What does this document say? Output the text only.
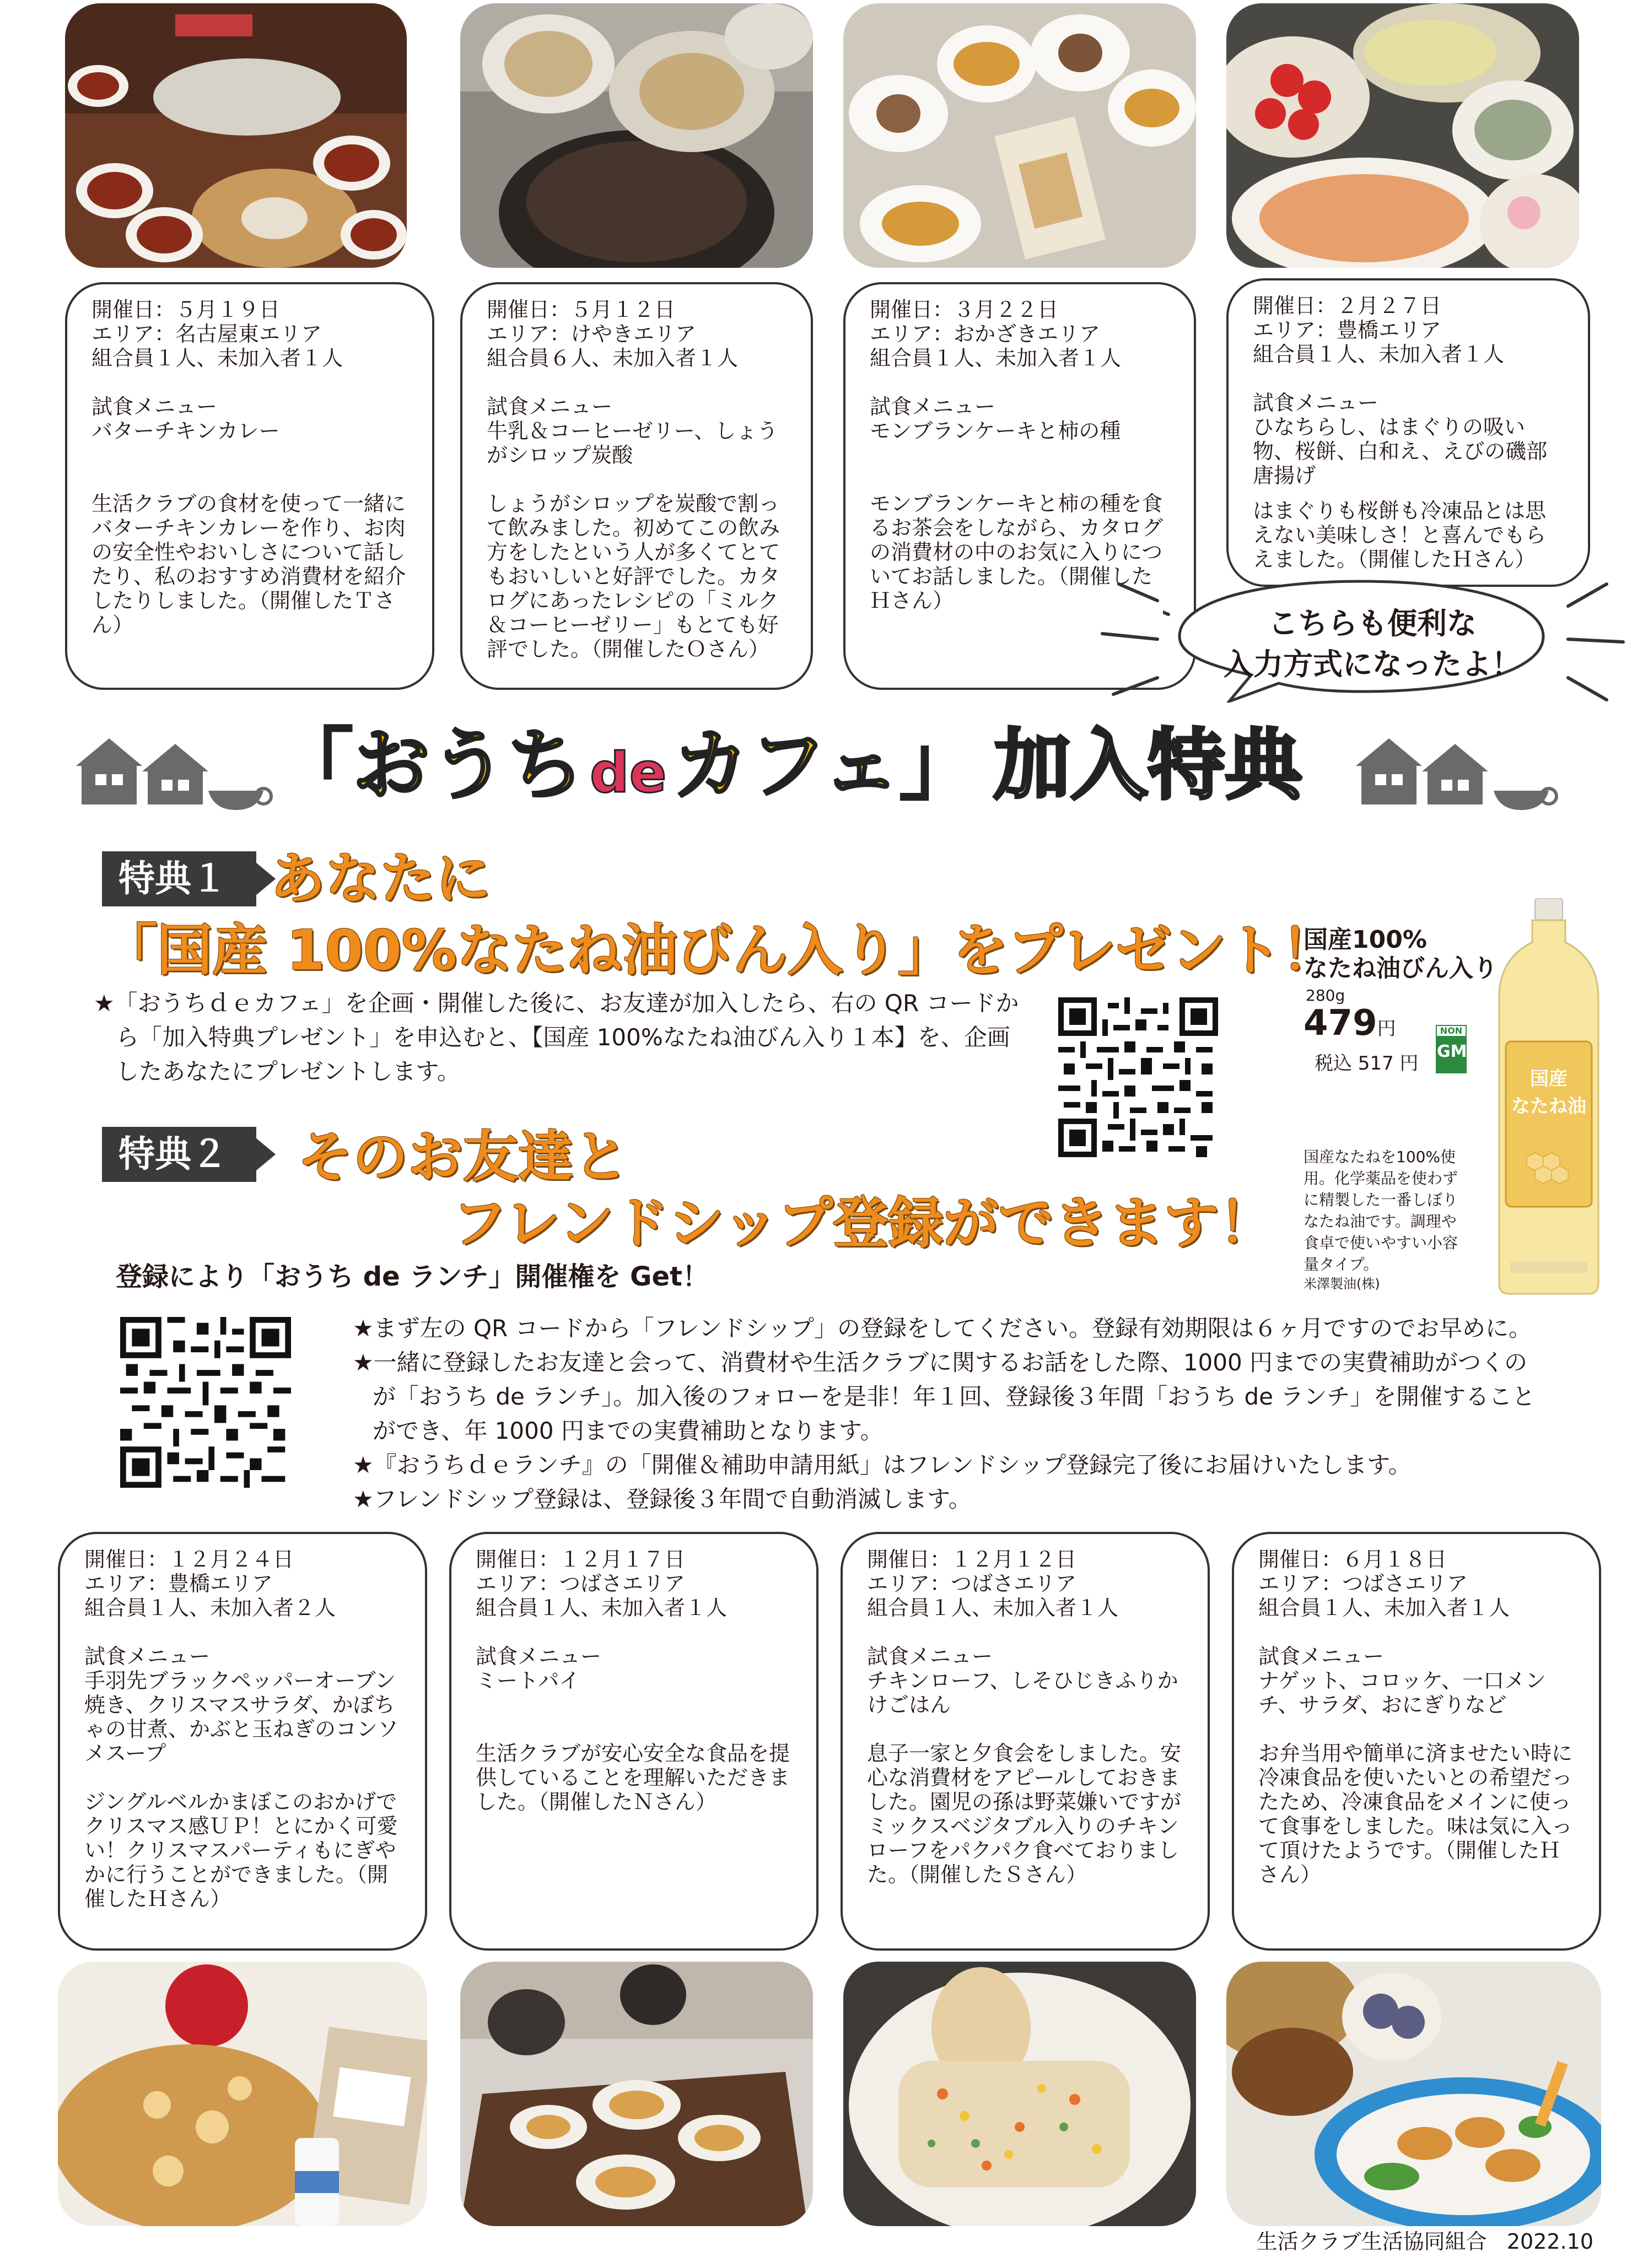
開催日：５月１９日
エリア：名古屋東エリア
組合員１人、未加入者１人
試食メニュー
バターチキンカレー
生活クラブの食材を使って一緒にバターチキンカレーを作り、お肉の安全性やおいしさについて話したり、私のおすすめ消費材を紹介したりしました。（開催したＴさん）
開催日：５月１２日
エリア：けやきエリア
組合員６人、未加入者１人
試食メニュー
牛乳＆コーヒーゼリー、しょうがシロップ炭酸
しょうがシロップを炭酸で割って飲みました。初めてこの飲み方をしたという人が多くてとてもおいしいと好評でした。カタログにあったレシピの「ミルク＆コーヒーゼリー」もとても好評でした。（開催したＯさん）
開催日：３月２２日
エリア：おかざきエリア
組合員１人、未加入者１人
試食メニュー
モンブランケーキと柿の種
モンブランケーキと柿の種を食るお茶会をしながら、カタログの消費材の中のお気に入りについてお話しました。（開催したＨさん）
開催日：２月２７日
エリア：豊橋エリア
組合員１人、未加入者１人
試食メニュー
ひなちらし、はまぐりの吸い物、桜餅、白和え、えびの磯部唐揚げ
はまぐりも桜餅も冷凍品とは思えない美味しさ！と喜んでもらえました。（開催したＨさん）
こちらも便利な
入力方式になったよ！
「おうち deカフェ」 加入特典
特典１ あなたに
「国産 100%なたね油びん入り」をプレゼント！
★「おうちｄｅカフェ」を企画・開催した後に、お友達が加入したら、右の QR コードから「加入特典プレゼント」を申込むと、【国産 100%なたね油びん入り１本】を、企画したあなたにプレゼントします。
特典２	そのお友達と
フレンドシップ登録ができます！
登録により「おうち de ランチ」開催権を Get！
★まず左の QR コードから「フレンドシップ」の登録をしてください。登録有効期限は６ヶ月ですのでお早めに。
★一緒に登録したお友達と会って、消費材や生活クラブに関するお話をした際、1000 円までの実費補助がつくのが「おうち de ランチ」。加入後のフォローを是非！年１回、登録後３年間「おうち de ランチ」を開催することができ、年 1000 円までの実費補助となります。
★『おうちｄｅランチ』の「開催＆補助申請用紙」はフレンドシップ登録完了後にお届けいたします。
★フレンドシップ登録は、登録後３年間で自動消滅します。
国産100%
なたね油びん入り
280g
479円
税込 517 円
NON
GM
国産なたねを100%使用。化学薬品を使わずに精製した一番しぼりなたね油です。調理や食卓で使いやすい小容量タイプ。
米澤製油(株)
国産
なたね油
開催日：１２月２４日
エリア：豊橋エリア
組合員１人、未加入者２人
試食メニュー
手羽先ブラックペッパーオーブン焼き、クリスマスサラダ、かぼちゃの甘煮、かぶと玉ねぎのコンソメスープ
ジングルベルかまぼこのおかげでクリスマス感ＵＰ！とにかく可愛い！クリスマスパーティもにぎやかに行うことができました。（開催したＨさん）
開催日：１２月１７日
エリア：つばさエリア
組合員１人、未加入者１人
試食メニュー
ミートパイ
生活クラブが安心安全な食品を提供していることを理解いただきました。（開催したＮさん）
開催日：１２月１２日
エリア：つばさエリア
組合員１人、未加入者１人
試食メニュー
チキンローフ、しそひじきふりかけごはん
息子一家と夕食会をしました。安心な消費材をアピールしておきました。園児の孫は野菜嫌いですがミックスベジタブル入りのチキンローフをパクパク食べておりました。（開催したＳさん）
開催日：６月１８日
エリア：つばさエリア
組合員１人、未加入者１人
試食メニュー
ナゲット、コロッケ、一口メンチ、サラダ、おにぎりなど
お弁当用や簡単に済ませたい時に冷凍食品を使いたいとの希望だったため、冷凍食品をメインに使って食事をしました。味は気に入って頂けたようです。（開催したＨさん）
生活クラブ生活協同組合 2022.10
